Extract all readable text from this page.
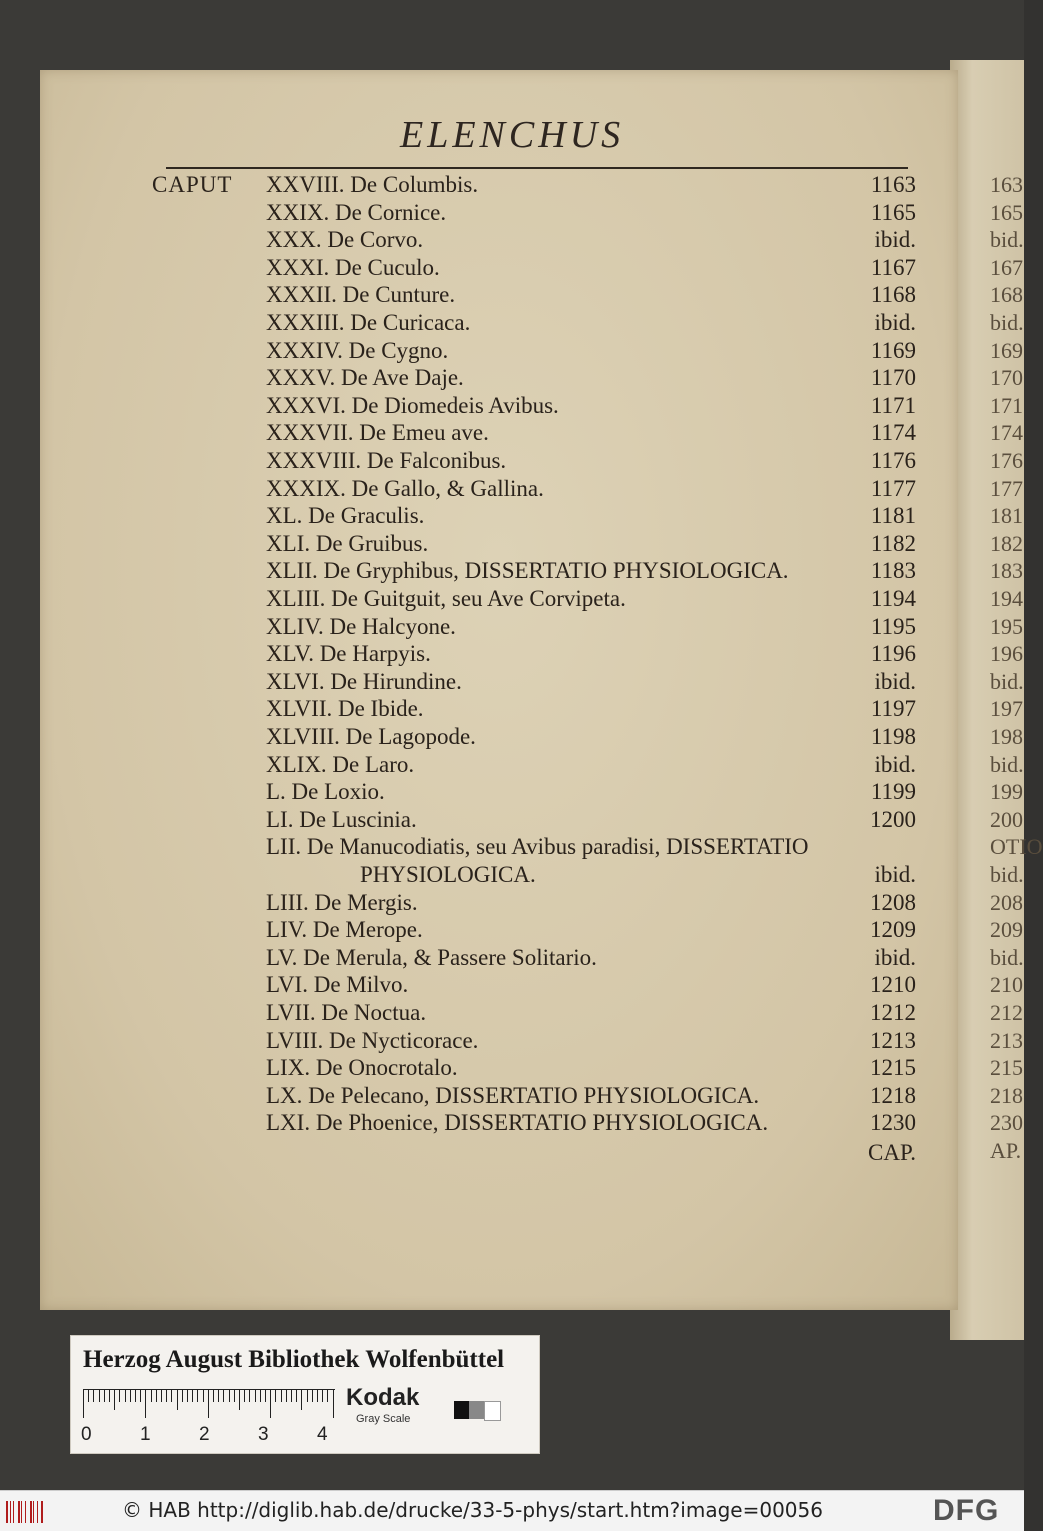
163
165
bid.
167
168
bid.
169
170
171
174
176
177
181
182
183
194
195
196
bid.
197
198
bid.
199
200
OTIO
bid.
208
209
bid.
210
212
213
215
218
230
AP.
ELENCHUS
CAPUT XXVIII. De Columbis.	1163
XXIX. De Cornice.	1165
XXX. De Corvo.	ibid.
XXXI. De Cuculo.	1167
XXXII. De Cunture.	1168
XXXIII. De Curicaca.	ibid.
XXXIV. De Cygno.	1169
XXXV. De Ave Daje.	1170
XXXVI. De Diomedeis Avibus.	1171
XXXVII. De Emeu ave.	1174
XXXVIII. De Falconibus.	1176
XXXIX. De Gallo, & Gallina.	1177
XL. De Graculis.	1181
XLI. De Gruibus.	1182
XLII. De Gryphibus, DISSERTATIO PHYSIOLOGICA.	1183
XLIII. De Guitguit, seu Ave Corvipeta.	1194
XLIV. De Halcyone.	1195
XLV. De Harpyis.	1196
XLVI. De Hirundine.	ibid.
XLVII. De Ibide.	1197
XLVIII. De Lagopode.	1198
XLIX. De Laro.	ibid.
L. De Loxio.	1199
LI. De Luscinia.	1200
LII. De Manucodiatis, seu Avibus paradisi, DISSERTATIO
PHYSIOLOGICA.	ibid.
LIII. De Mergis.	1208
LIV. De Merope.	1209
LV. De Merula, & Passere Solitario.	ibid.
LVI. De Milvo.	1210
LVII. De Noctua.	1212
LVIII. De Nycticorace.	1213
LIX. De Onocrotalo.	1215
LX. De Pelecano, DISSERTATIO PHYSIOLOGICA.	1218
LXI. De Phoenice, DISSERTATIO PHYSIOLOGICA.	1230
CAP.
Herzog August Bibliothek Wolfenbüttel
0	1	2	3	4
Kodak
Gray Scale
© HAB http://diglib.hab.de/drucke/33-5-phys/start.htm?image=00056	DFG
